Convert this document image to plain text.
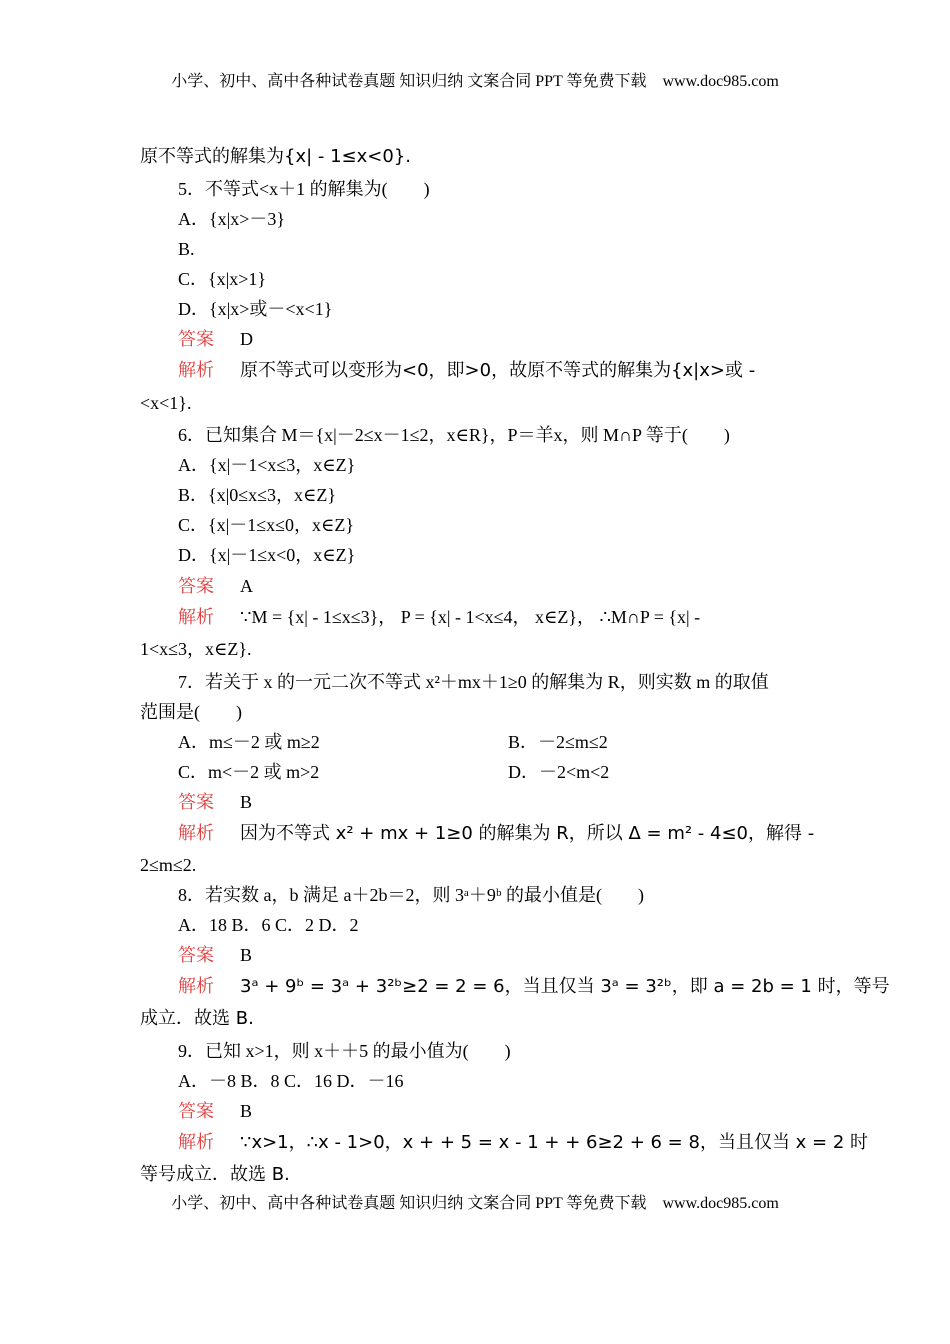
小学、初中、高中各种试卷真题 知识归纳 文案合同 PPT 等免费下载　www.doc985.com
原不等式的解集为{x| - 1≤x<0}.
5．不等式<x＋1 的解集为(　　)
A．{x|x>－3}
B.
C．{x|x>1}
D．{x|x>或－<x<1}
答案 D
解析 原不等式可以变形为<0，即>0，故原不等式的解集为{x|x>或 -
<x<1}.
6．已知集合 M＝{x|－2≤x－1≤2，x∈R}，P＝⽺x，则 M∩P 等于(　　)
A．{x|－1<x≤3，x∈Z}
B．{x|0≤x≤3，x∈Z}
C．{x|－1≤x≤0，x∈Z}
D．{x|－1≤x<0，x∈Z}
答案 A
解析 ∵M = {x| - 1≤x≤3}， P = {x| - 1<x≤4， x∈Z}， ∴M∩P = {x| -
1<x≤3，x∈Z}.
7．若关于 x 的一元二次不等式 x²＋mx＋1≥0 的解集为 R，则实数 m 的取值
范围是(　　)
A．m≤－2 或 m≥2	B．－2≤m≤2
C．m<－2 或 m>2	D．－2<m<2
答案 B
解析 因为不等式 x² + mx + 1≥0 的解集为 R，所以 Δ = m² - 4≤0，解得 -
2≤m≤2.
8．若实数 a，b 满足 a＋2b＝2，则 3ᵃ＋9ᵇ 的最小值是(　　)
A．18 B．6 C．2 D．2
答案 B
解析 3ᵃ + 9ᵇ = 3ᵃ + 3²ᵇ≥2 = 2 = 6，当且仅当 3ᵃ = 3²ᵇ，即 a = 2b = 1 时，等号
成立．故选 B.
9．已知 x>1，则 x＋＋5 的最小值为(　　)
A．－8 B．8 C．16 D．－16
答案 B
解析 ∵x>1，∴x - 1>0，x + + 5 = x - 1 + + 6≥2 + 6 = 8，当且仅当 x = 2 时
等号成立．故选 B.
小学、初中、高中各种试卷真题 知识归纳 文案合同 PPT 等免费下载　www.doc985.com
